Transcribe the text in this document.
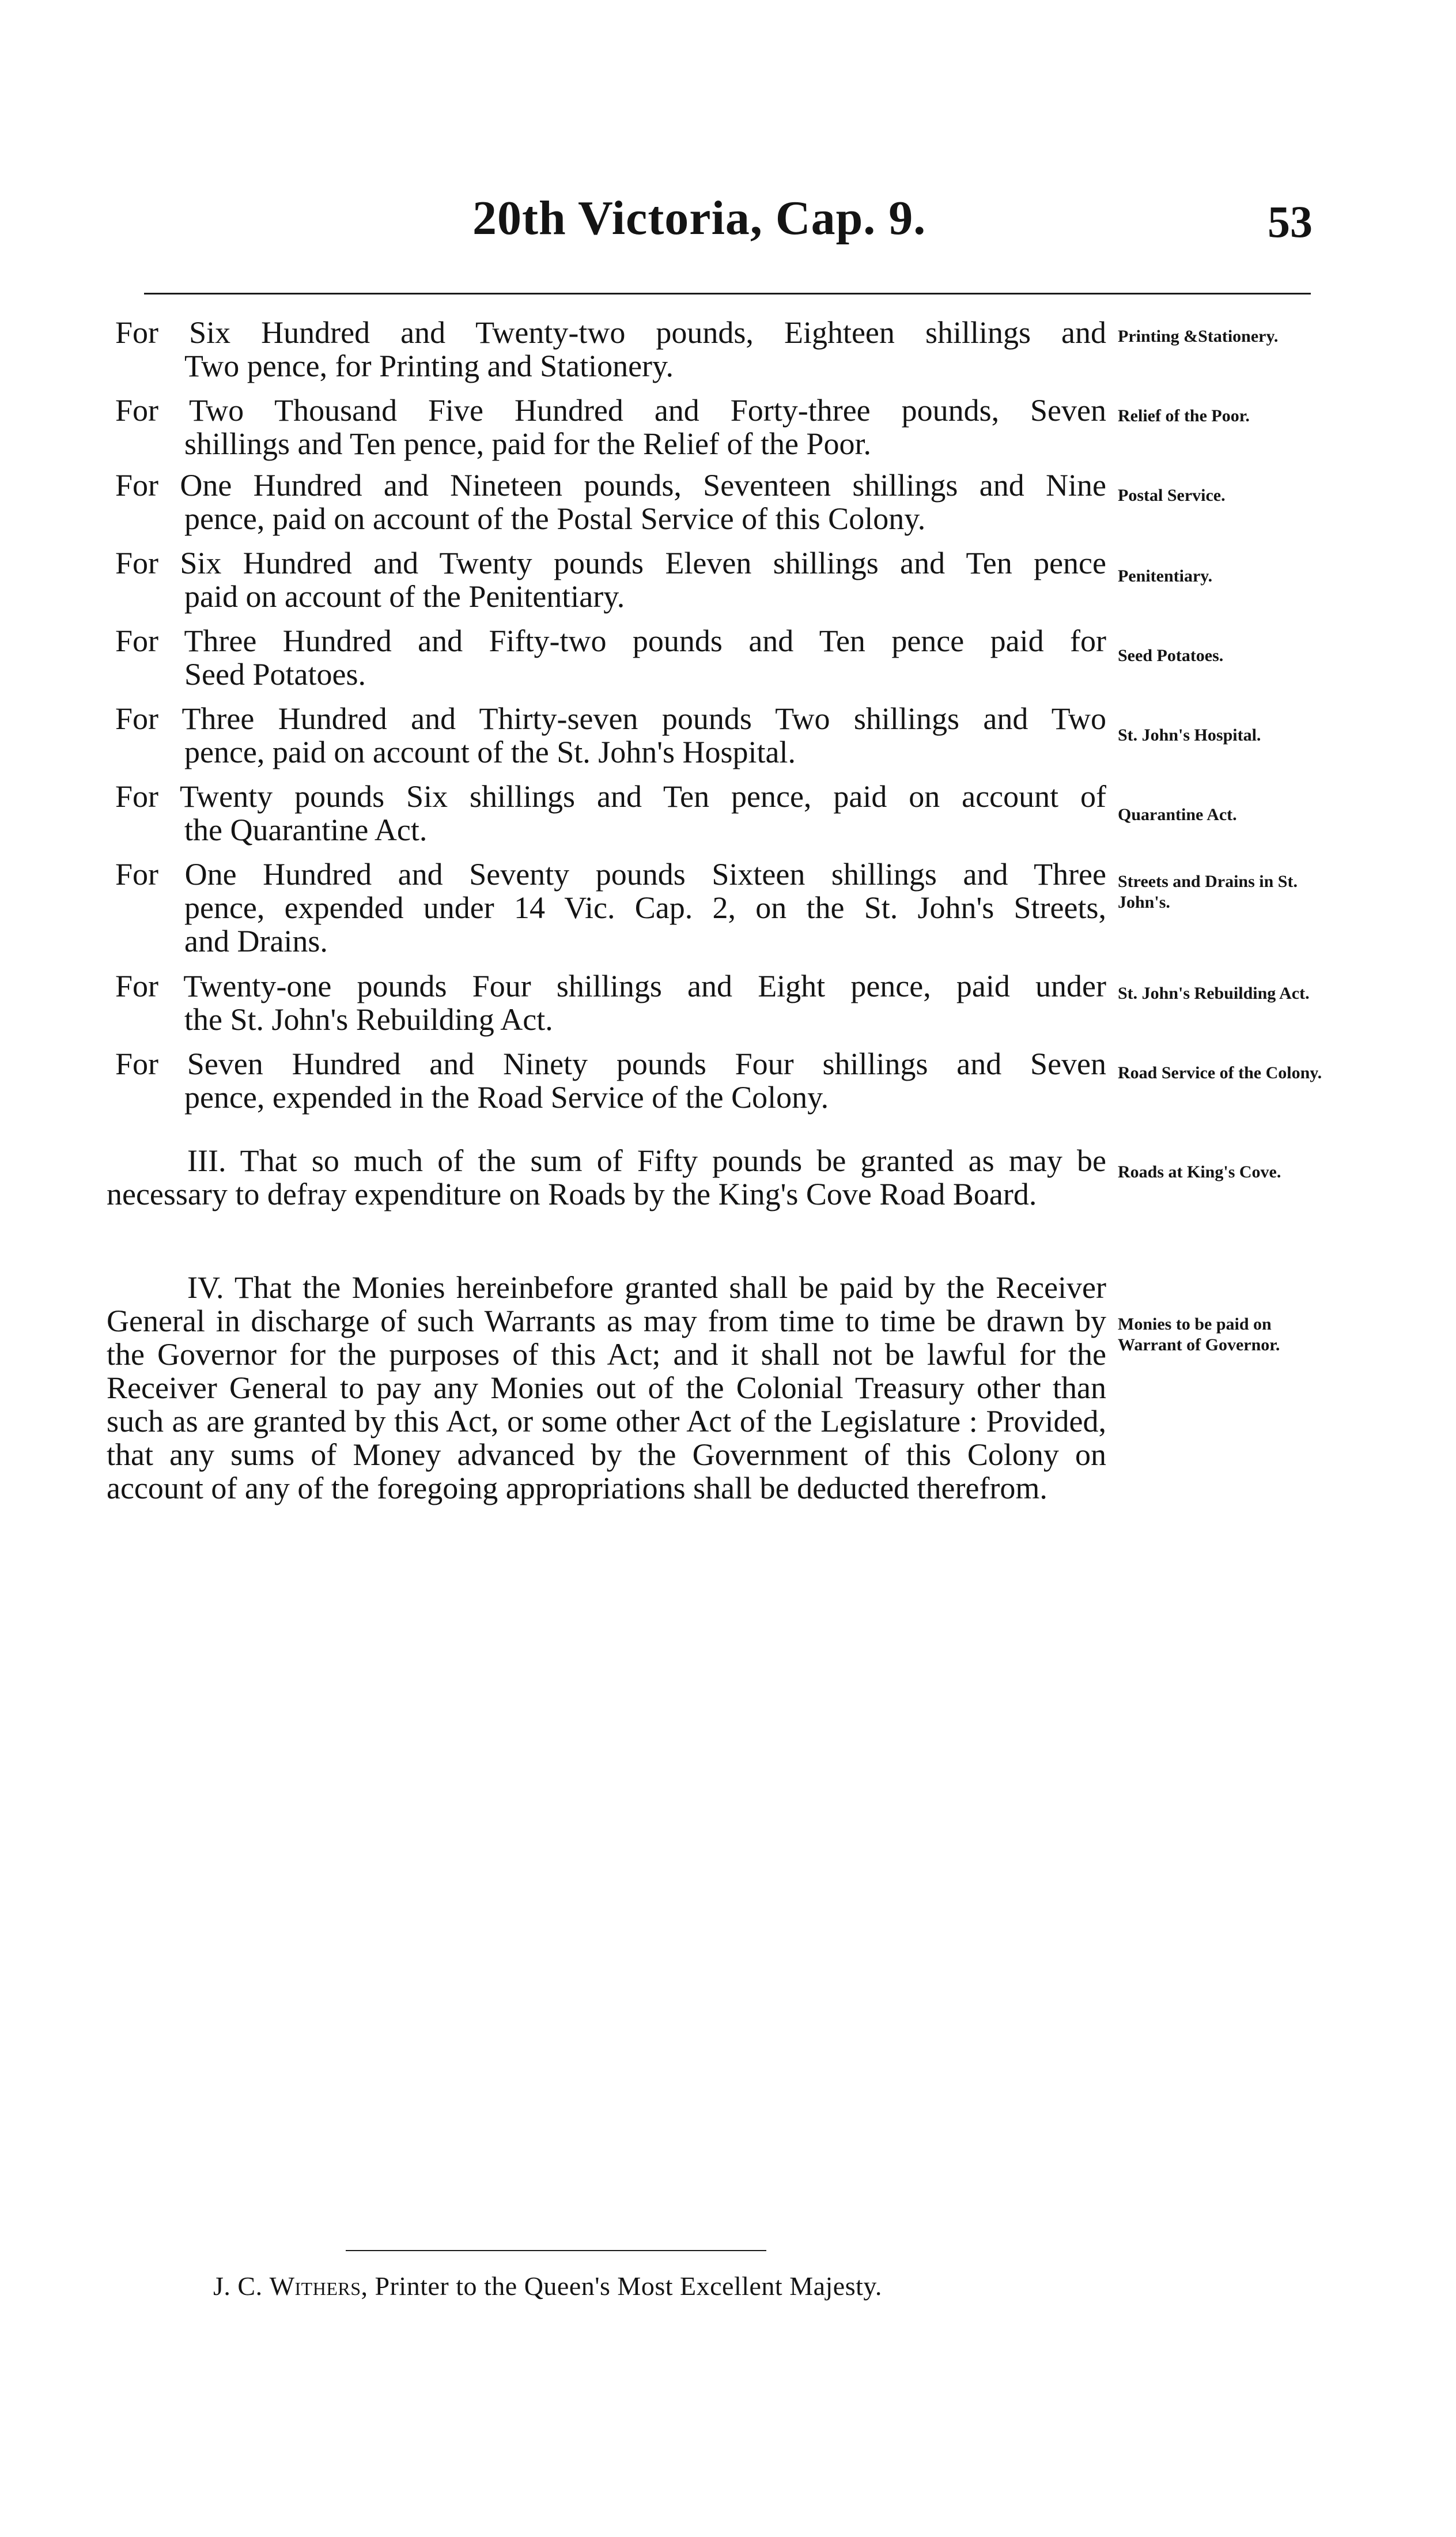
20th Victoria, Cap. 9.	53
For Six Hundred and Twenty-two pounds, Eighteen shillings and
Two pence, for Printing and Stationery.
Printing &Stationery.
For Two Thousand Five Hundred and Forty-three pounds, Seven
shillings and Ten pence, paid for the Relief of the Poor.
Relief of the Poor.
For One Hundred and Nineteen pounds, Seventeen shillings and Nine
pence, paid on account of the Postal Service of this Colony.
Postal Service.
For Six Hundred and Twenty pounds Eleven shillings and Ten pence
paid on account of the Penitentiary.
Penitentiary.
For Three Hundred and Fifty-two pounds and Ten pence paid for
Seed Potatoes.
Seed Potatoes.
For Three Hundred and Thirty-seven pounds Two shillings and Two
pence, paid on account of the St. John's Hospital.	St. John's Hospital.
For Twenty pounds Six shillings and Ten pence, paid on account of
the Quarantine Act.	Quarantine Act.
For One Hundred and Seventy pounds Sixteen shillings and Three
pence, expended under 14 Vic. Cap. 2, on the St. John's Streets,
and Drains.
Streets and Drains in St. John's.
For Twenty-one pounds Four shillings and Eight pence, paid under
the St. John's Rebuilding Act.
St. John's Rebuilding Act.
For Seven Hundred and Ninety pounds Four shillings and Seven
pence, expended in the Road Service of the Colony.
Road Service of the Colony.
III. That so much of the sum of Fifty pounds be granted as may be necessary to defray expenditure on Roads by the King's Cove Road Board.
Roads at King's Cove.
IV. That the Monies hereinbefore granted shall be paid by the Receiver General in discharge of such Warrants as may from time to time be drawn by the Governor for the purposes of this Act; and it shall not be lawful for the Receiver General to pay any Monies out of the Colonial Treasury other than such as are granted by this Act, or some other Act of the Legislature : Provided, that any sums of Money advanced by the Government of this Colony on account of any of the foregoing appropriations shall be deducted therefrom.
Monies to be paid on Warrant of Governor.
J. C. Withers, Printer to the Queen's Most Excellent Majesty.
